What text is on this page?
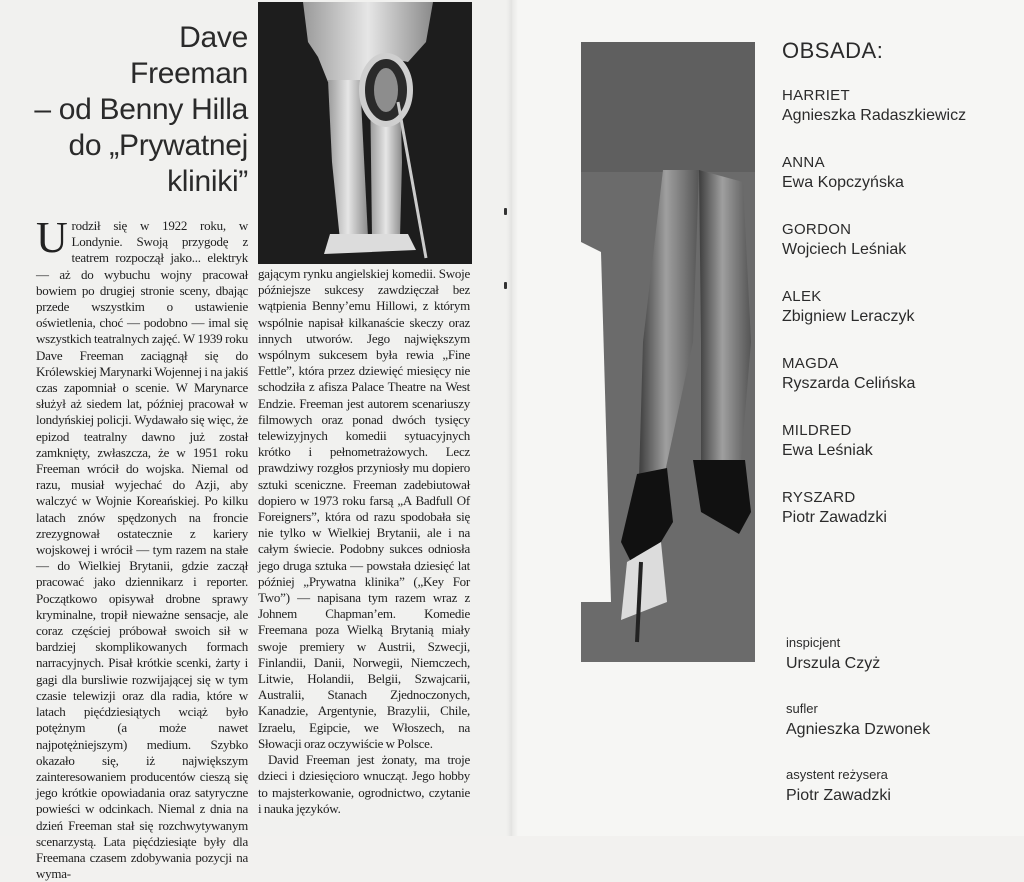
Dave
Freeman
– od Benny Hilla
do „Prywatnej
kliniki”
U rodził się w 1922 roku, w Londynie. Swoją przygodę z teatrem rozpoczął jako... elektryk — aż do wybuchu wojny pracował bowiem po drugiej stronie sceny, dbając przede wszystkim o ustawienie oświetlenia, choć — podobno — imal się wszystkich teatralnych zajęć. W 1939 roku Dave Freeman zaciągnął się do Królewskiej Marynarki Wojennej i na jakiś czas zapomniał o scenie. W Marynarce służył aż siedem lat, później pracował w londyńskiej policji. Wydawało się więc, że epizod teatralny dawno już został zamknięty, zwłaszcza, że w 1951 roku Freeman wrócił do wojska. Niemal od razu, musiał wyjechać do Azji, aby walczyć w Wojnie Koreańskiej. Po kilku latach znów spędzonych na froncie zrezygnował ostatecznie z kariery wojskowej i wrócił — tym razem na stałe — do Wielkiej Brytanii, gdzie zaczął pracować jako dziennikarz i reporter. Początkowo opisywał drobne sprawy kryminalne, tropił nieważne sensacje, ale coraz częściej próbował swoich sił w bardziej skomplikowanych formach narracyjnych. Pisał krótkie scenki, żarty i gagi dla bursliwie rozwijającej się w tym czasie telewizji oraz dla radia, które w latach pięćdziesiątych wciąż było potężnym (a może nawet najpotężniejszym) medium. Szybko okazało się, iż największym zainteresowaniem producentów cieszą się jego krótkie opowiadania oraz satyryczne powieści w odcinkach. Niemal z dnia na dzień Freeman stał się rozchwytywanym scenarzystą. Lata pięćdziesiąte były dla Freemana czasem zdobywania pozycji na wyma-
gającym rynku angielskiej komedii. Swoje późniejsze sukcesy zawdzięczał bez wątpienia Benny’emu Hillowi, z którym wspólnie napisał kilkanaście skeczy oraz innych utworów. Jego największym wspólnym sukcesem była rewia „Fine Fettle”, która przez dziewięć miesięcy nie schodziła z afisza Palace Theatre na West Endzie. Freeman jest autorem scenariuszy filmowych oraz ponad dwóch tysięcy telewizyjnych komedii sytuacyjnych krótko i pełnometrażowych. Lecz prawdziwy rozgłos przyniosły mu dopiero sztuki sceniczne. Freeman zadebiutował dopiero w 1973 roku farsą „A Badfull Of Foreigners”, która od razu spodobała się nie tylko w Wielkiej Brytanii, ale i na całym świecie. Podobny sukces odniosła jego druga sztuka — powstała dziesięć lat później „Prywatna klinika” („Key For Two”) — napisana tym razem wraz z Johnem Chapman’em. Komedie Freemana poza Wielką Brytanią miały swoje premiery w Austrii, Szwecji, Finlandii, Danii, Norwegii, Niemczech, Litwie, Holandii, Belgii, Szwajcarii, Australii, Stanach Zjednoczonych, Kanadzie, Argentynie, Brazylii, Chile, Izraelu, Egipcie, we Włoszech, na Słowacji oraz oczywiście w Polsce.
David Freeman jest żonaty, ma troje dzieci i dziesięcioro wnucząt. Jego hobby to majsterkowanie, ogrodnictwo, czytanie i nauka języków.
OBSADA:
HARRIET
Agnieszka Radaszkiewicz
ANNA
Ewa Kopczyńska
GORDON
Wojciech Leśniak
ALEK
Zbigniew Leraczyk
MAGDA
Ryszarda Celińska
MILDRED
Ewa Leśniak
RYSZARD
Piotr Zawadzki
inspicjent
Urszula Czyż
sufler
Agnieszka Dzwonek
asystent reżysera
Piotr Zawadzki
